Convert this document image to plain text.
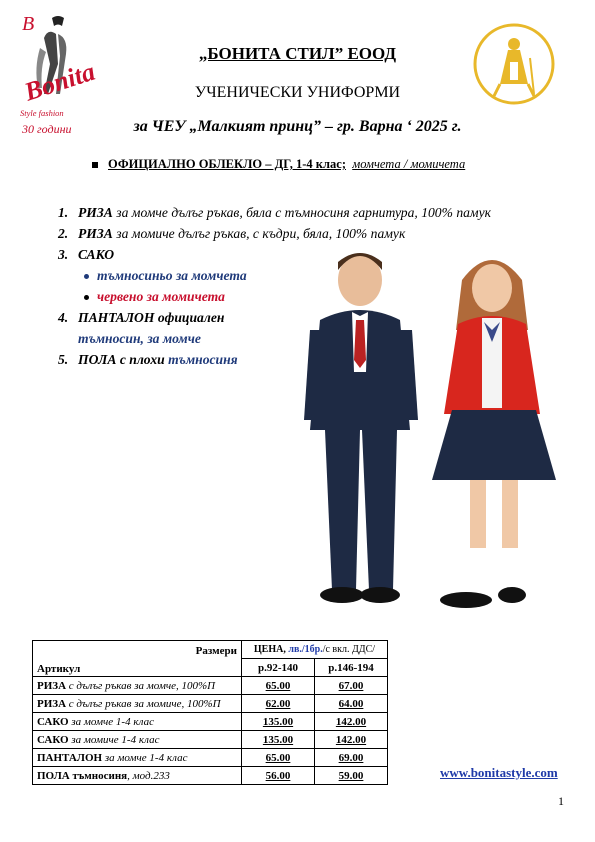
B
Bonita
Style fashion
30 години
„БОНИТА СТИЛ” ЕООД
УЧЕНИЧЕСКИ УНИФОРМИ
за ЧЕУ „Малкият принц” – гр. Варна ‘ 2025 г.
ОФИЦИАЛНО ОБЛЕКЛО – ДГ, 1-4 клас; момчета / момичета
1. РИЗА за момче дълъг ръкав, бяла с тъмносиня гарнитура, 100% памук
2. РИЗА за момиче дълъг ръкав, с къдри, бяла, 100% памук
3. САКО
тъмносиньо за момчета
червено за момичета
4. ПАНТАЛОН официален
тъмносин, за момче
5. ПОЛА с плохи тъмносиня
Размери
Артикул	ЦЕНА, лв./1бр./с вкл. ДДС/	
	р.92-140	р.146-194
РИЗА с дълъг ръкав за момче, 100%П	65.00	67.00
РИЗА с дълъг ръкав за момиче, 100%П	62.00	64.00
САКО за момче 1-4 клас	135.00	142.00
САКО за момиче 1-4 клас	135.00	142.00
ПАНТАЛОН за момче 1-4 клас	65.00	69.00
ПОЛА тъмносиня, мод.233	56.00	59.00	www.bonitastyle.com
1
